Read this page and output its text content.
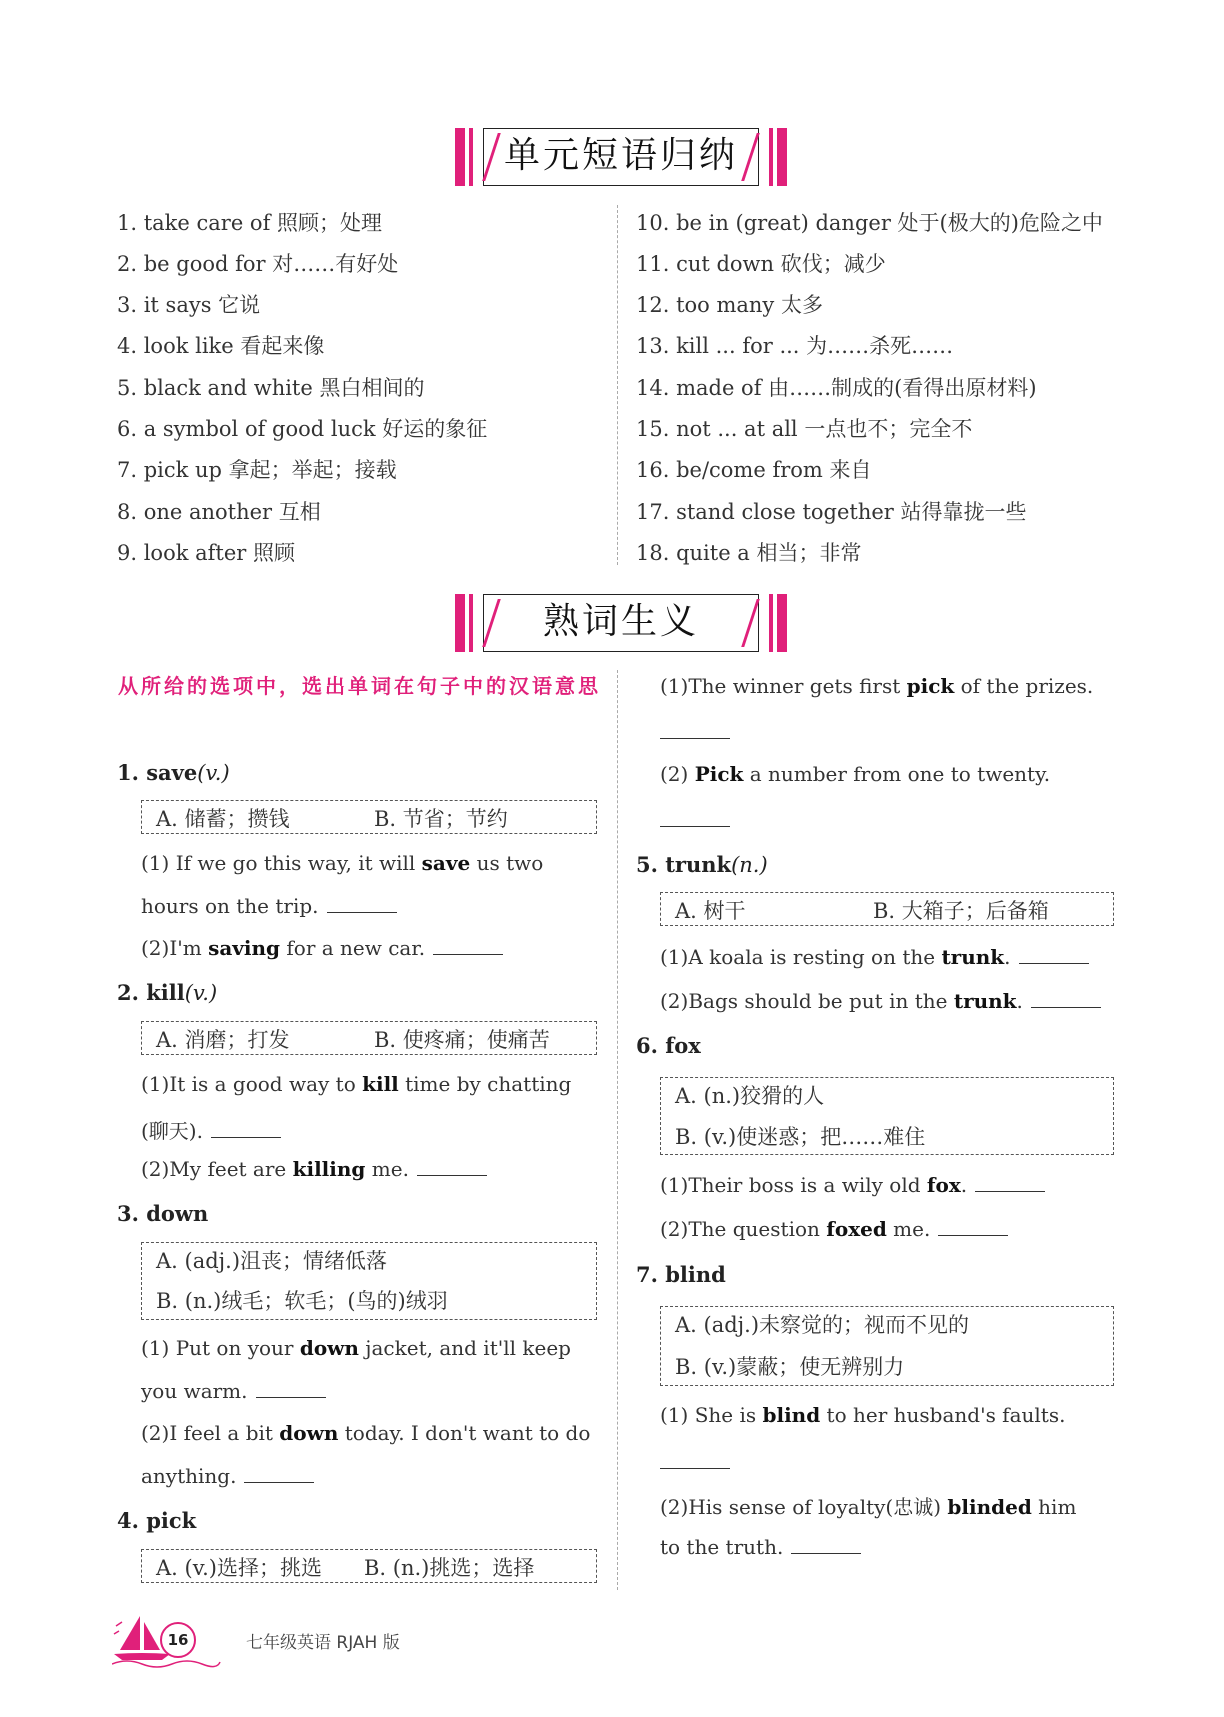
单元短语归纳
1. take care of 照顾；处理
2. be good for 对……有好处
3. it says 它说
4. look like 看起来像
5. black and white 黑白相间的
6. a symbol of good luck 好运的象征
7. pick up 拿起；举起；接载
8. one another 互相
9. look after 照顾
10. be in (great) danger 处于(极大的)危险之中
11. cut down 砍伐；减少
12. too many 太多
13. kill ... for ... 为……杀死……
14. made of 由……制成的(看得出原材料)
15. not ... at all 一点也不；完全不
16. be/come from 来自
17. stand close together 站得靠拢一些
18. quite a 相当；非常
熟词生义
从所给的选项中，选出单词在句子中的汉语意思
1. save(v.)
A. 储蓄；攒钱	B. 节省；节约
(1) If we go this way, it will save us two
hours on the trip.
(2)I'm saving for a new car.
2. kill(v.)
A. 消磨；打发	B. 使疼痛；使痛苦
(1)It is a good way to kill time by chatting
(聊天).
(2)My feet are killing me.
3. down
A. (adj.)沮丧；情绪低落
B. (n.)绒毛；软毛；(鸟的)绒羽
(1) Put on your down jacket, and it'll keep
you warm.
(2)I feel a bit down today. I don't want to do
anything.
4. pick
A. (v.)选择；挑选 B. (n.)挑选；选择
(1)The winner gets first pick of the prizes.
(2) Pick a number from one to twenty.
5. trunk(n.)
A. 树干	B. 大箱子；后备箱
(1)A koala is resting on the trunk.
(2)Bags should be put in the trunk.
6. fox
A. (n.)狡猾的人
B. (v.)使迷惑；把……难住
(1)Their boss is a wily old fox.
(2)The question foxed me.
7. blind
A. (adj.)未察觉的；视而不见的
B. (v.)蒙蔽；使无辨别力
(1) She is blind to her husband's faults.
(2)His sense of loyalty(忠诚) blinded him
to the truth.
16	七年级英语 RJAH 版
